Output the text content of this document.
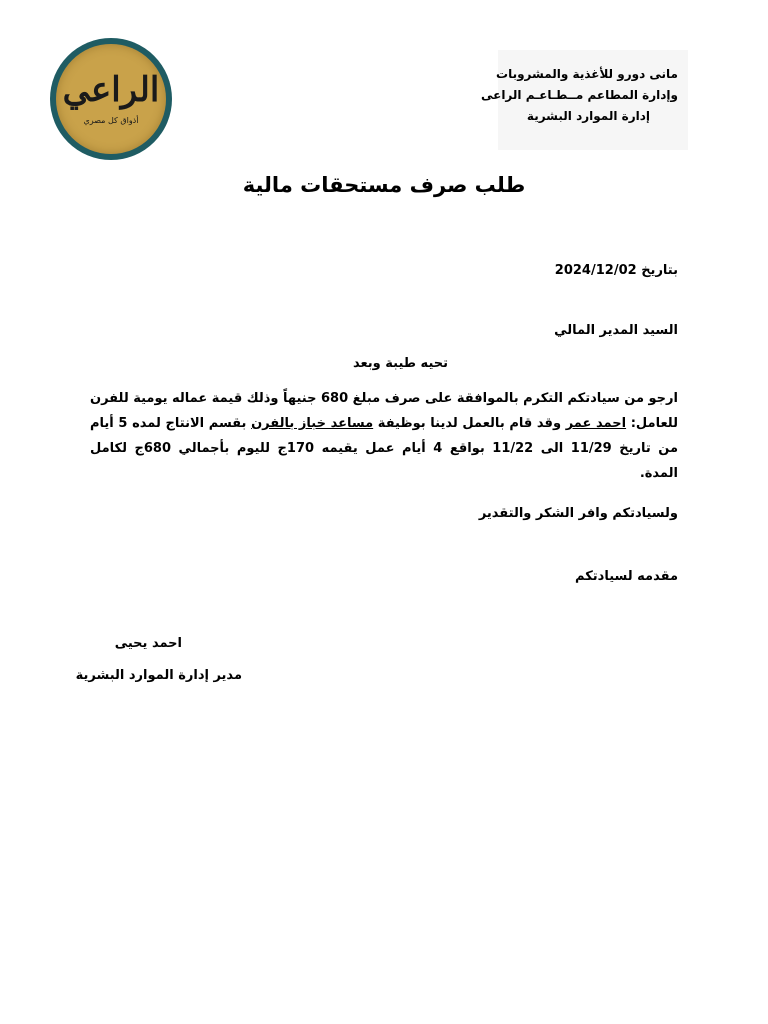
الراعي
أذواق كل مصري
مانى دورو للأغذية والمشروبات
وإدارة المطاعم مــطـاعـم الراعى
إدارة الموارد البشرية
طلب صرف مستحقات مالية
بتاريخ 2024/12/02
السيد المدير المالي
تحيه طيبة وبعد

ارجو من سيادتكم التكرم بالموافقة على صرف مبلغ 680 جنيهاً وذلك قيمة عماله يومية للفرن للعامل: احمد عمر وقد قام بالعمل لدينا بوظيفة مساعد خباز بالفرن بقسم الانتاج لمده 5 أيام من تاريخ 11/29 الى 11/22 بواقع 4 أيام عمل يقيمه 170ج لليوم بأجمالي 680ج لكامل المدة.

ولسيادتكم وافر الشكر والتقدير
مقدمه لسيادتكم
احمد يحيى
مدير إدارة الموارد البشرية
